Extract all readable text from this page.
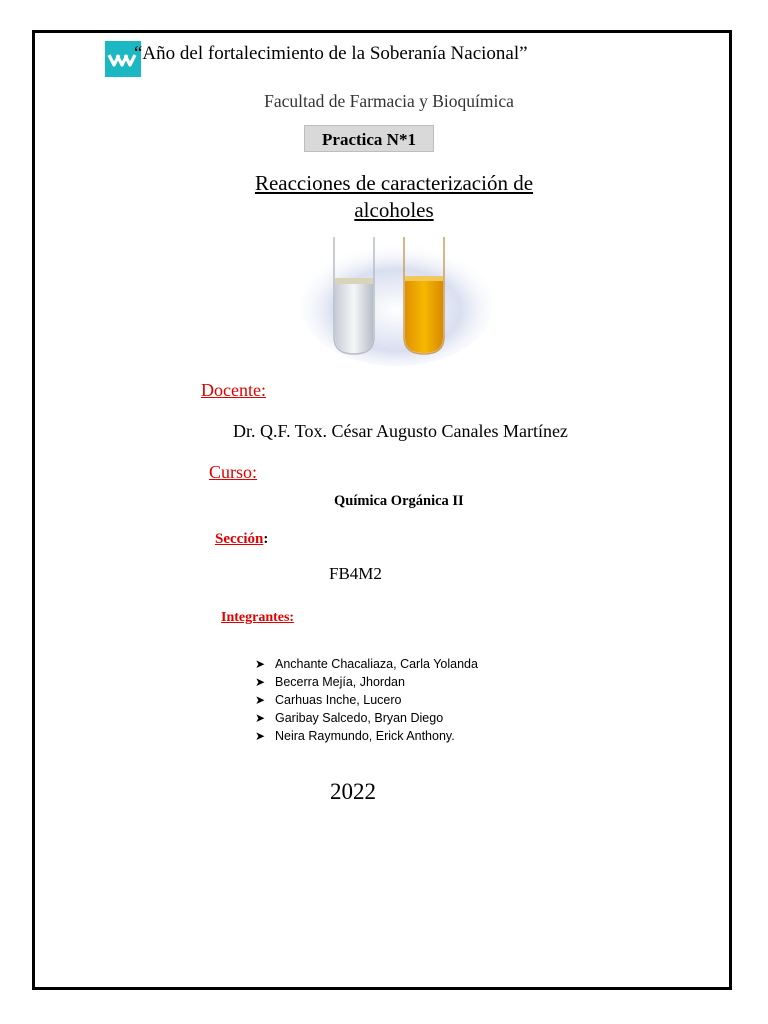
“Año del fortalecimiento de la Soberanía Nacional”
Facultad de Farmacia y Bioquímica
Practica N*1
Reacciones de caracterización de
alcoholes
Docente:
Dr. Q.F. Tox. César Augusto Canales Martínez
Curso:
Química Orgánica II
Sección:
FB4M2
Integrantes:
➤ Anchante Chacaliaza, Carla Yolanda
➤ Becerra Mejía, Jhordan
➤ Carhuas Inche, Lucero
➤ Garibay Salcedo, Bryan Diego
➤ Neira Raymundo, Erick Anthony.
2022
